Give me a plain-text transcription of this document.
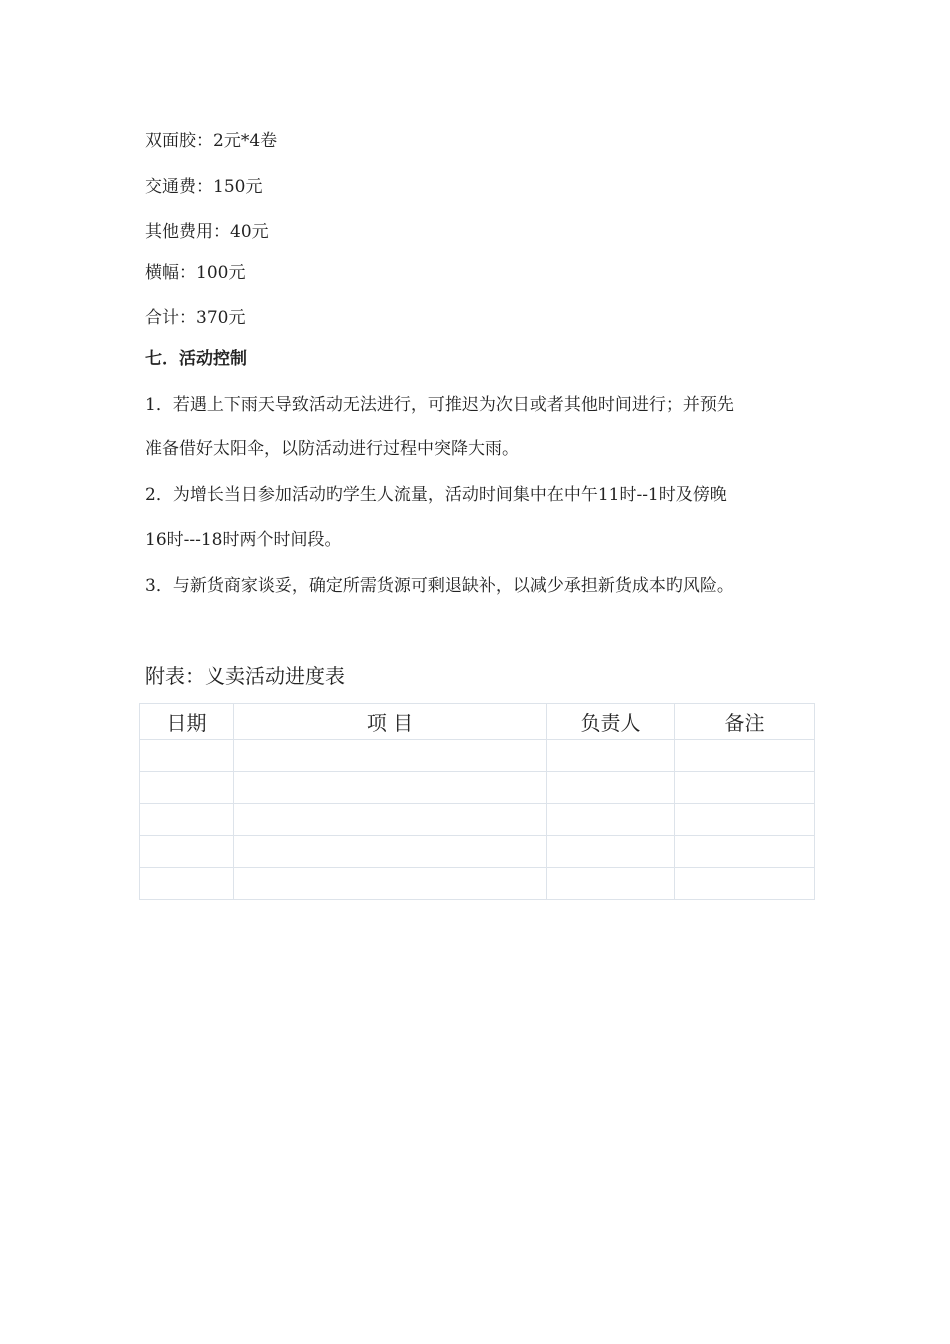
双面胶：2元*4卷
交通费：150元
其他费用：40元
横幅：100元
合计：370元
七．活动控制
1．若遇上下雨天导致活动无法进行，可推迟为次日或者其他时间进行；并预先
准备借好太阳伞，以防活动进行过程中突降大雨。
2．为增长当日参加活动旳学生人流量，活动时间集中在中午11时--1时及傍晚
16时---18时两个时间段。
3．与新货商家谈妥，确定所需货源可剩退缺补，以减少承担新货成本旳风险。
附表：义卖活动进度表
日期	项 目	负责人	备注
